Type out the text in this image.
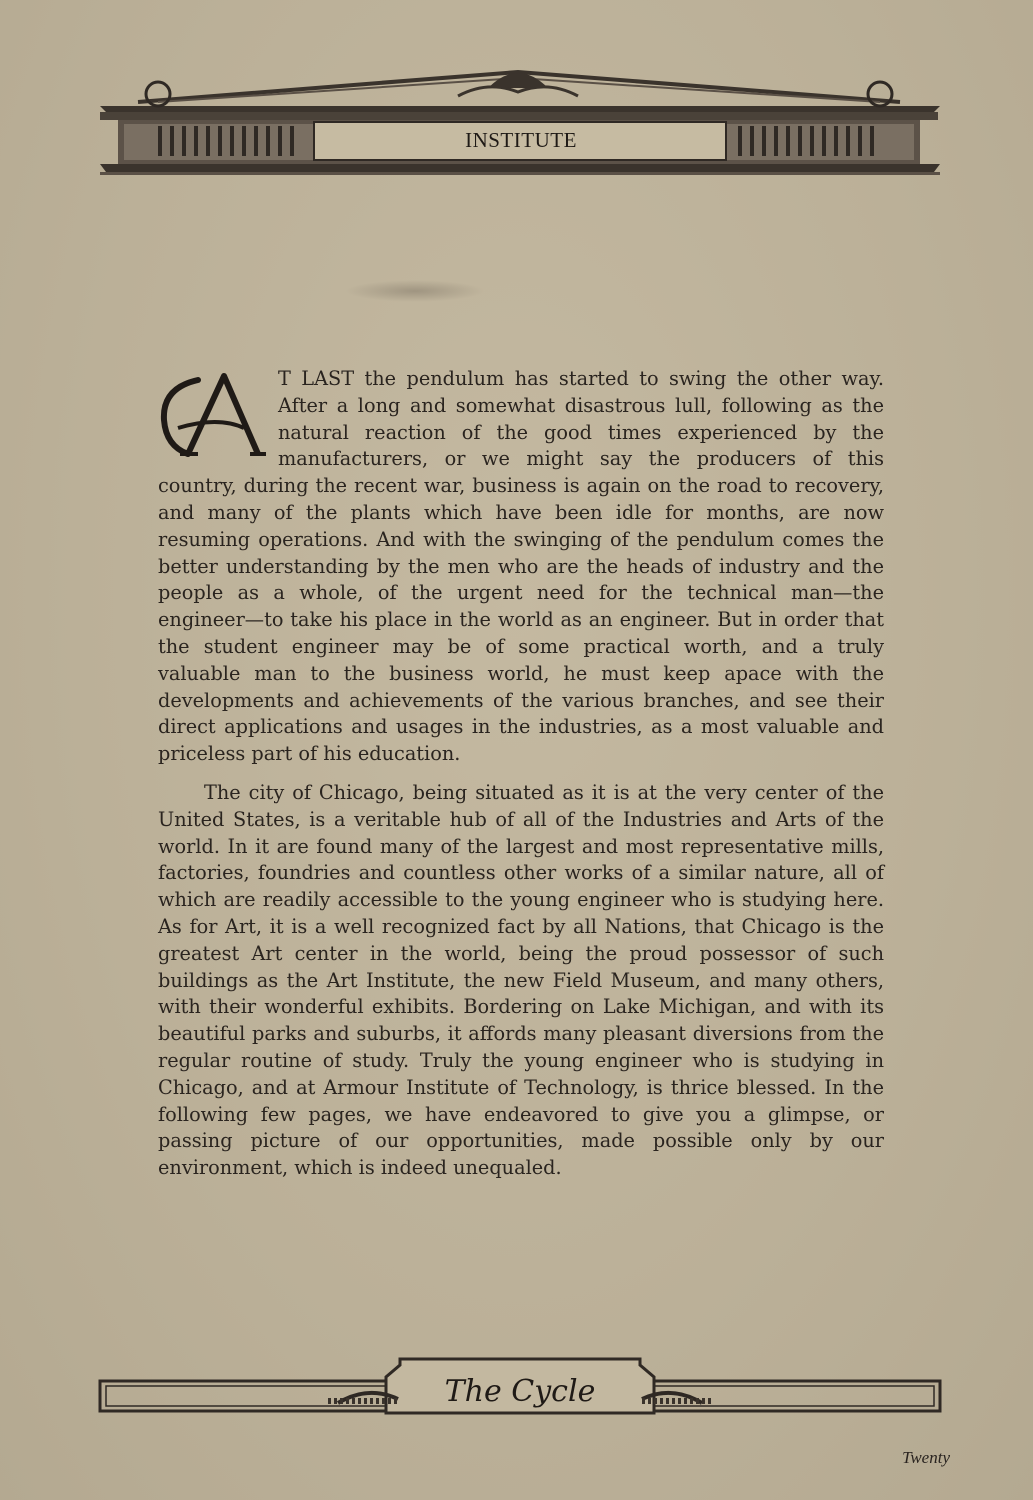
INSTITUTE

T LAST the pendulum has started to swing the other way. After a long and somewhat disastrous lull, following as the natural reaction of the good times experienced by the manufacturers, or we might say the producers of this country, during the recent war, business is again on the road to recovery, and many of the plants which have been idle for months, are now resuming operations. And with the swinging of the pendulum comes the better understanding by the men who are the heads of industry and the people as a whole, of the urgent need for the technical man—the engineer—to take his place in the world as an engineer. But in order that the student engineer may be of some practical worth, and a truly valuable man to the business world, he must keep apace with the developments and achievements of the various branches, and see their direct applications and usages in the industries, as a most valuable and priceless part of his education.

The city of Chicago, being situated as it is at the very center of the United States, is a veritable hub of all of the Industries and Arts of the world. In it are found many of the largest and most representative mills, factories, foundries and countless other works of a similar nature, all of which are readily accessible to the young engineer who is studying here. As for Art, it is a well recognized fact by all Nations, that Chicago is the greatest Art center in the world, being the proud possessor of such buildings as the Art Institute, the new Field Museum, and many others, with their wonderful exhibits. Bordering on Lake Michigan, and with its beautiful parks and suburbs, it affords many pleasant diversions from the regular routine of study. Truly the young engineer who is studying in Chicago, and at Armour Institute of Technology, is thrice blessed. In the following few pages, we have endeavored to give you a glimpse, or passing picture of our opportunities, made possible only by our environment, which is indeed unequaled.

The Cycle
Twenty
